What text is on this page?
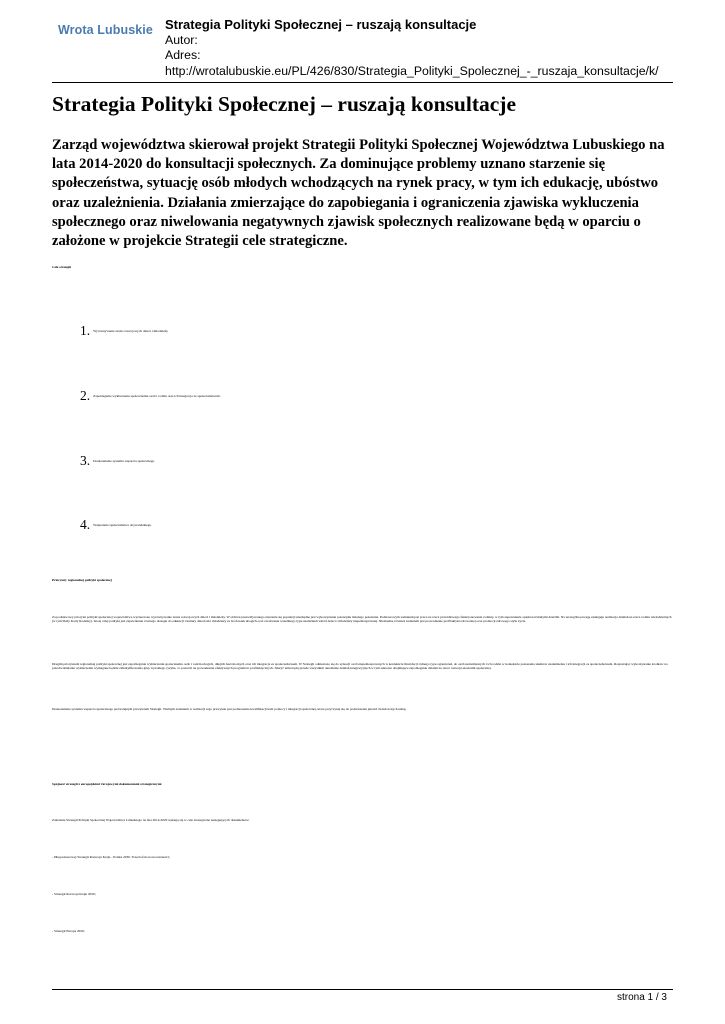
Wrota Lubuskie Strategia Polityki Społecznej – ruszają konsultacje
Autor:
Adres:
http://wrotalubuskie.eu/PL/426/830/Strategia_Polityki_Spolecznej_-_ruszaja_konsultacje/k/
Strategia Polityki Społecznej – ruszają konsultacje
Zarząd województwa skierował projekt Strategii Polityki Społecznej Województwa Lubuskiego na lata 2014-2020 do konsultacji społecznych. Za dominujące problemy uznano starzenie się społeczeństwa, sytuację osób młodych wchodzących na rynek pracy, w tym ich edukację, ubóstwo oraz uzależnienia. Działania zmierzające do zapobiegania i ograniczenia zjawiska wykluczenia społecznego oraz niwelowania negatywnych zjawisk społecznych realizowane będą w oparciu o założone w projekcie Strategii cele strategiczne.
Cele strategii
1. Wyrównywanie szans rozwojowych dzieci i młodzieży.
2. Zapobieganie wykluczeniu społecznemu osób i rodzin oraz ich integracja ze społeczeństwem.
3. Doskonalenie systemu wsparcia społecznego.
4. Wspieranie społeczeństwa obywatelskiego.
Priorytety regionalnej polityki społecznej
Za podstawowy priorytet polityki społecznej województwa wyznaczono wyrównywanie szans rozwojowych dzieci i młodzieży. W obliczu przewidywanego starzenia się populacji niezbędne jest wykorzystanie potencjału młodego pokolenia. Podstawowym zadaniem jest praca na rzecz prawidłowego funkcjonowania rodziny, w tym zapewnienie opieki nad małymi dziećmi. Na szczególną uwagę zasługuje realizacja działań na rzecz rodzin wielodzietnych (w tym Duży Karty Rodziny). Istotą całej polityki jest zapewnienie równego dostępu do edukacji i kultury dzieciom i młodzieży ze środowisk ubogich oraz zwalczanie wszelkiego typu uzależnień wśród dzieci i młodzieży niepełnosprawnej. Niezbędne również zadaniem jest prowadzenie profilaktyki zdrowotnej oraz promocji zdrowego stylu życia.
Drugim priorytetem regionalnej polityki społecznej jest zapobieganie wykluczeniu społecznemu osób i rodzin ubogich, długich bezrobotnych oraz ich integracja ze społeczeństwem. W Strategii odniesiono się do sytuacji osób niepełnosprawnych w kontekście likwidacji różnego typu ograniczeń, do osób uzależnionych i ich rodzin w kontekście pokonania skutków uzależnienia i ich integracji ze społeczeństwem. Rozpatrując wykorzystanie środków na przeciwdziałanie wykluczeniu wymagane będzie zidentyfikowania grup wysokiego ryzyka, co pozwoli na prowadzenie efektywnych programów profilaktycznych. Służyć temu będą przede wszystkim określenie działań integracyjnych w tym sektorze obejmujące zapobieganie działań na rzecz rozwoju ekonomii społecznej.
Doskonalenie systemu wsparcia społecznego jest kolejnym priorytetem Strategii. Ważnym zadaniem w realizacji tego priorytetu jest podnoszenie kwalifikacji kadr pomocy i integracji społecznej, które przyczynią się do podnoszenia jakości świadczonych usług.
Spójność strategii z europejskimi i krajowymi dokumentami strategicznymi
Założenia Strategii Polityki Społecznej Województwa Lubuskiego na lata 2014-2020 wpisują się w cele strategiczne następujących dokumentów:
- Długookresowej Strategii Rozwoju Kraju - Polska 2030. Trzecia fala nowoczesności;
- Strategii Rozwoju Kraju 2020;
- Strategii Europa 2020;
strona 1 / 3
